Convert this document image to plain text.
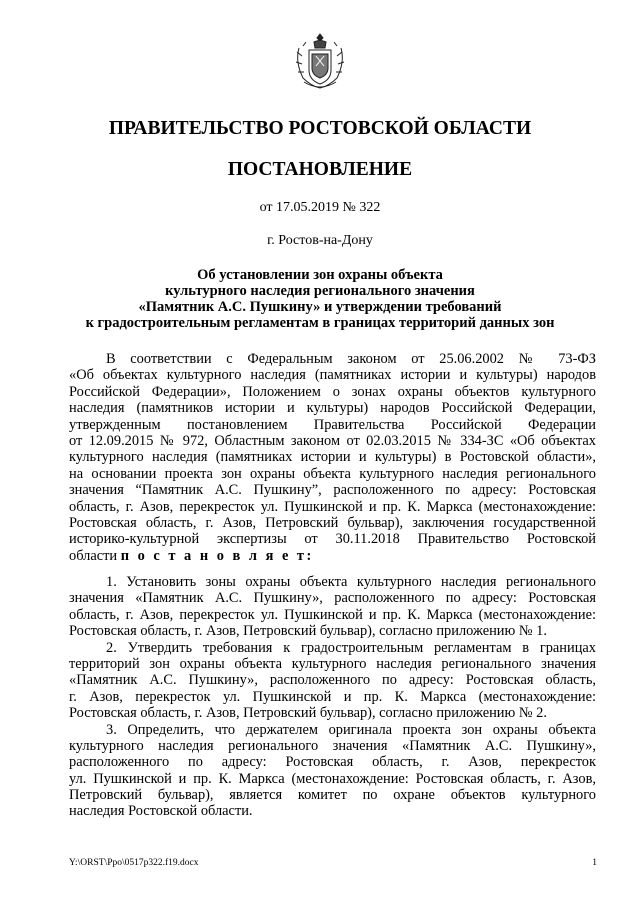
ПРАВИТЕЛЬСТВО РОСТОВСКОЙ ОБЛАСТИ
ПОСТАНОВЛЕНИЕ
от 17.05.2019 № 322
г. Ростов-на-Дону
Об установлении зон охраны объекта
культурного наследия регионального значения
«Памятник А.С. Пушкину» и утверждении требований
к градостроительным регламентам в границах территорий данных зон
В соответствии с Федеральным законом от 25.06.2002 № 73-ФЗ
«Об объектах культурного наследия (памятниках истории и культуры) народов
Российской Федерации», Положением о зонах охраны объектов культурного
наследия (памятников истории и культуры) народов Российской Федерации,
утвержденным постановлением Правительства Российской Федерации
от 12.09.2015 № 972, Областным законом от 02.03.2015 № 334-ЗС «Об объектах
культурного наследия (памятниках истории и культуры) в Ростовской области»,
на основании проекта зон охраны объекта культурного наследия регионального
значения “Памятник А.С. Пушкину”, расположенного по адресу: Ростовская
область, г. Азов, перекресток ул. Пушкинской и пр. К. Маркса (местонахождение:
Ростовская область, г. Азов, Петровский бульвар), заключения государственной
историко-культурной экспертизы от 30.11.2018 Правительство Ростовской
области п о с т а н о в л я е т:
1. Установить зоны охраны объекта культурного наследия регионального
значения «Памятник А.С. Пушкину», расположенного по адресу: Ростовская
область, г. Азов, перекресток ул. Пушкинской и пр. К. Маркса (местонахождение:
Ростовская область, г. Азов, Петровский бульвар), согласно приложению № 1.
2. Утвердить требования к градостроительным регламентам в границах
территорий зон охраны объекта культурного наследия регионального значения
«Памятник А.С. Пушкину», расположенного по адресу: Ростовская область,
г. Азов, перекресток ул. Пушкинской и пр. К. Маркса (местонахождение:
Ростовская область, г. Азов, Петровский бульвар), согласно приложению № 2.
3. Определить, что держателем оригинала проекта зон охраны объекта
культурного наследия регионального значения «Памятник А.С. Пушкину»,
расположенного по адресу: Ростовская область, г. Азов, перекресток
ул. Пушкинской и пр. К. Маркса (местонахождение: Ростовская область, г. Азов,
Петровский бульвар), является комитет по охране объектов культурного
наследия Ростовской области.
Y:\ORST\Ppo\0517p322.f19.docx	1
